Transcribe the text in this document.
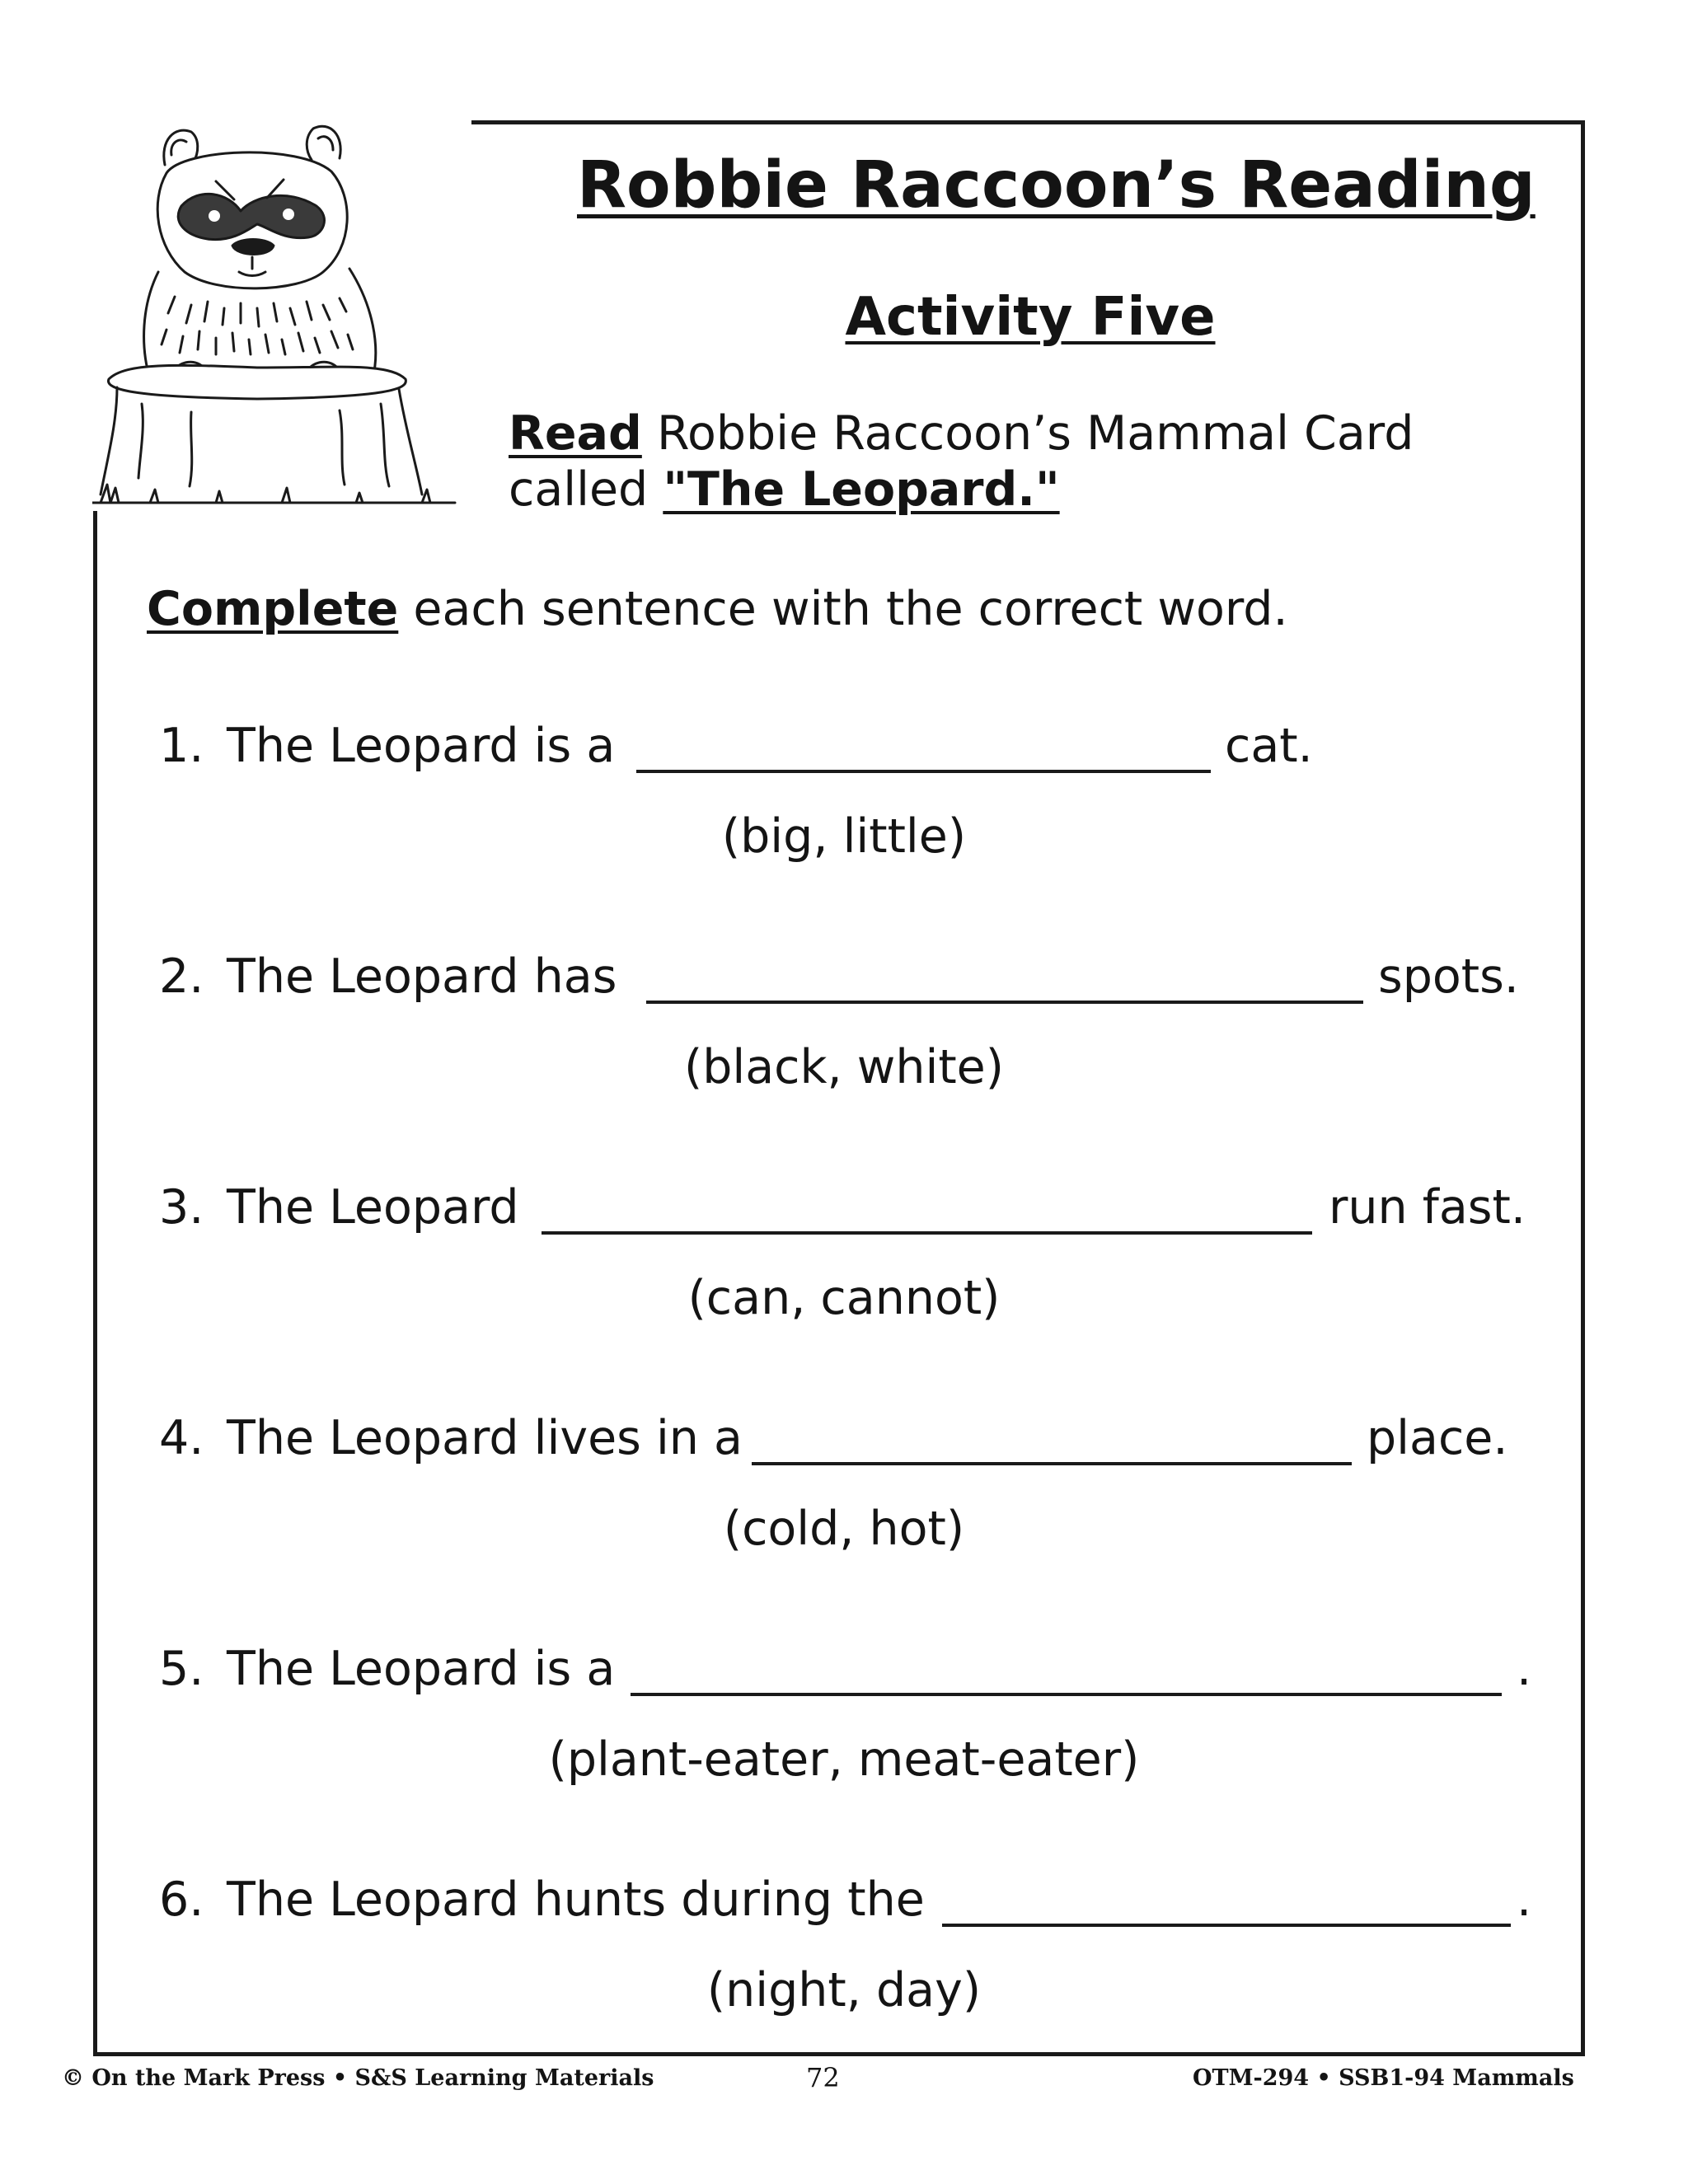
Robbie Raccoon’s Reading
Activity Five
Read Robbie Raccoon’s Mammal Card
called "The Leopard."
Complete each sentence with the correct word.
1. The Leopard is a	cat.
(big, little)
2. The Leopard has	spots.
(black, white)
3. The Leopard	run fast.
(can, cannot)
4. The Leopard lives in a	place.
(cold, hot)
5. The Leopard is a	.
(plant-eater, meat-eater)
6. The Leopard hunts during the	.
(night, day)
© On the Mark Press • S&S Learning Materials	72	OTM-294 • SSB1-94 Mammals
